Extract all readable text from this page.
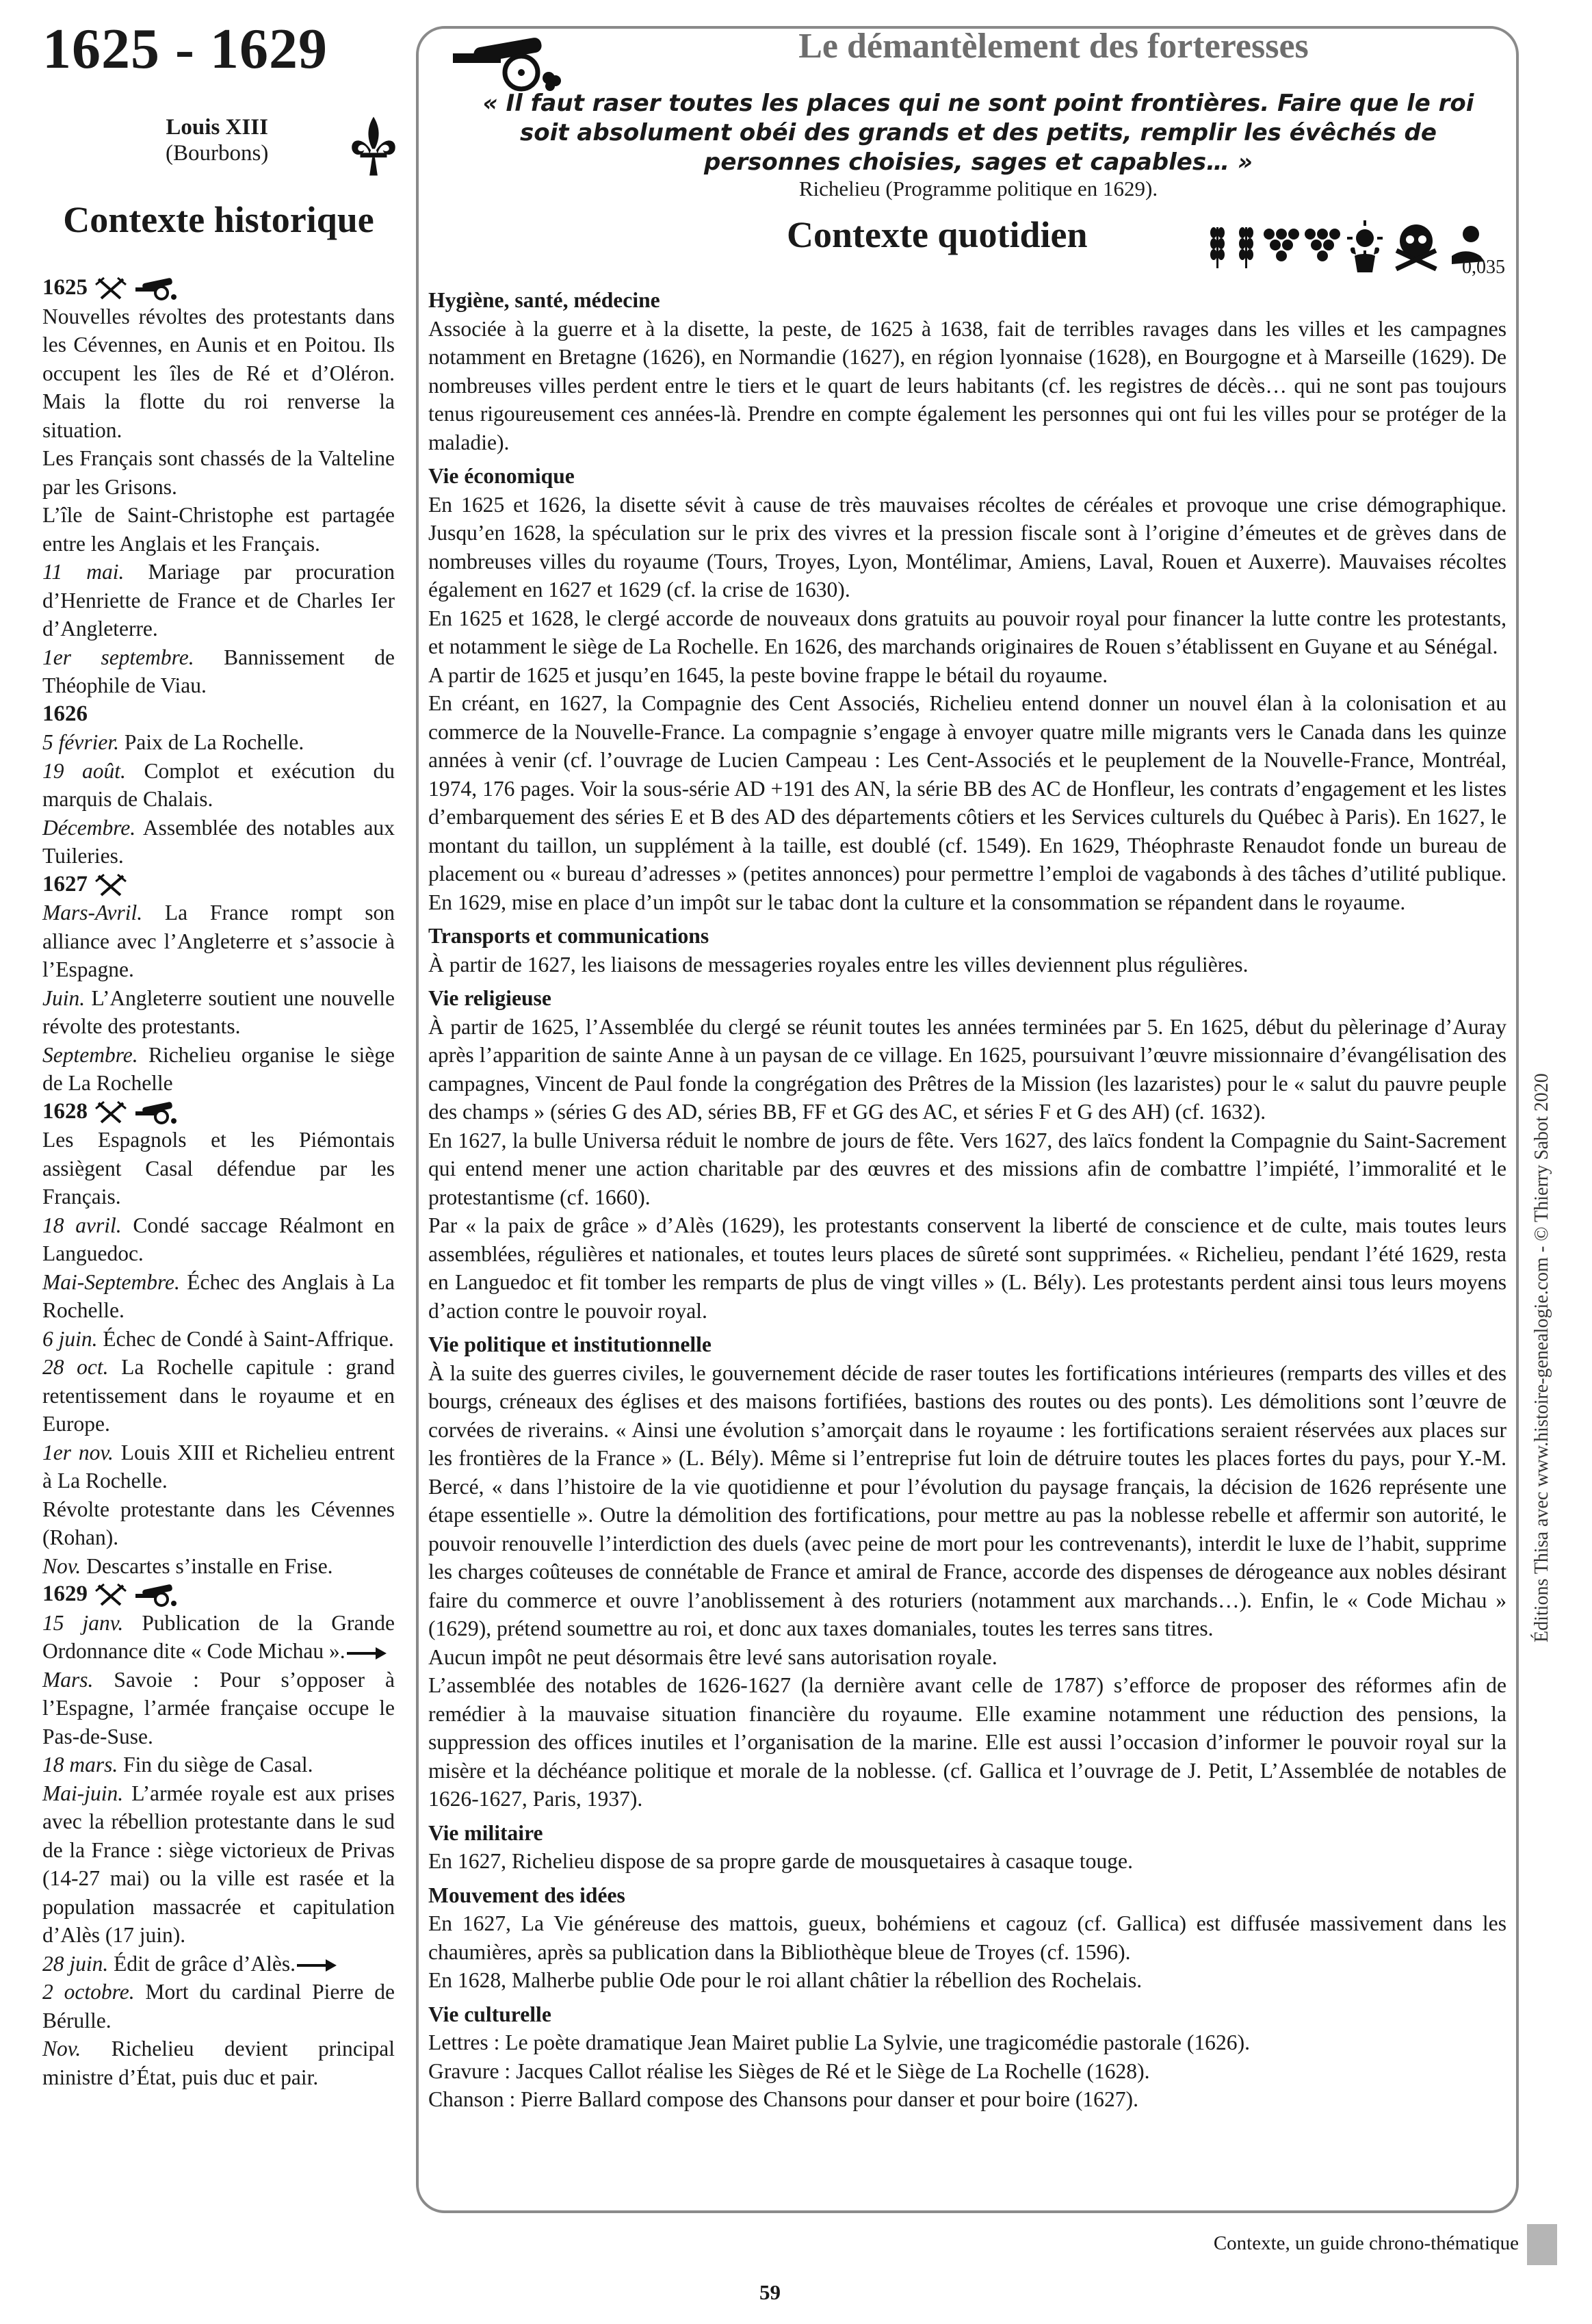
1625 - 1629
Louis XIII
(Bourbons)
Contexte historique
1625
Nouvelles révoltes des protestants dans les Cévennes, en Aunis et en Poitou. Ils occupent les îles de Ré et d’Oléron. Mais la flotte du roi renverse la situation.
Les Français sont chassés de la Valteline par les Grisons.
L’île de Saint-Christophe est partagée entre les Anglais et les Français.
11 mai. Mariage par procuration d’Henriette de France et de Charles Ier d’Angleterre.
1er septembre. Bannissement de Théophile de Viau.
1626
5 février. Paix de La Rochelle.
19 août. Complot et exécution du marquis de Chalais.
Décembre. Assemblée des notables aux Tuileries.
1627
Mars-Avril. La France rompt son alliance avec l’Angleterre et s’associe à l’Espagne.
Juin. L’Angleterre soutient une nouvelle révolte des protestants.
Septembre. Richelieu organise le siège de La Rochelle
1628
Les Espagnols et les Piémontais assiègent Casal défendue par les Français.
18 avril. Condé saccage Réalmont en Languedoc.
Mai-Septembre. Échec des Anglais à La Rochelle.
6 juin. Échec de Condé à Saint-Affrique.
28 oct. La Rochelle capitule : grand retentissement dans le royaume et en Europe.
1er nov. Louis XIII et Richelieu entrent à La Rochelle.
Révolte protestante dans les Cévennes (Rohan).
Nov. Descartes s’installe en Frise.
1629
15 janv. Publication de la Grande Ordonnance dite « Code Michau ».
Mars. Savoie : Pour s’opposer à l’Espagne, l’armée française occupe le Pas-de-Suse.
18 mars. Fin du siège de Casal.
Mai-juin. L’armée royale est aux prises avec la rébellion protestante dans le sud de la France : siège victorieux de Privas (14-27 mai) ou la ville est rasée et la population massacrée et capitulation d’Alès (17 juin).
28 juin. Édit de grâce d’Alès.
2 octobre. Mort du cardinal Pierre de Bérulle.
Nov. Richelieu devient principal ministre d’État, puis duc et pair.
Le démantèlement des forteresses
« Il faut raser toutes les places qui ne sont point frontières. Faire que le roi soit absolument obéi des grands et des petits, remplir les évêchés de personnes choisies, sages et capables… »
Richelieu (Programme politique en 1629).
Contexte quotidien
0,035
Hygiène, santé, médecine

Associée à la guerre et à la disette, la peste, de 1625 à 1638, fait de terribles ravages dans les villes et les campagnes notamment en Bretagne (1626), en Normandie (1627), en région lyonnaise (1628), en Bourgogne et à Marseille (1629). De nombreuses villes perdent entre le tiers et le quart de leurs habitants (cf. les registres de décès… qui ne sont pas toujours tenus rigoureusement ces années-là. Prendre en compte également les personnes qui ont fui les villes pour se protéger de la maladie).

Vie économique

En 1625 et 1626, la disette sévit à cause de très mauvaises récoltes de céréales et provoque une crise démographique. Jusqu’en 1628, la spéculation sur le prix des vivres et la pression fiscale sont à l’origine d’émeutes et de grèves dans de nombreuses villes du royaume (Tours, Troyes, Lyon, Montélimar, Amiens, Laval, Rouen et Auxerre). Mauvaises récoltes également en 1627 et 1629 (cf. la crise de 1630).

En 1625 et 1628, le clergé accorde de nouveaux dons gratuits au pouvoir royal pour financer la lutte contre les protestants, et notamment le siège de La Rochelle. En 1626, des marchands originaires de Rouen s’établissent en Guyane et au Sénégal.

A partir de 1625 et jusqu’en 1645, la peste bovine frappe le bétail du royaume.

En créant, en 1627, la Compagnie des Cent Associés, Richelieu entend donner un nouvel élan à la colonisation et au commerce de la Nouvelle-France. La compagnie s’engage à envoyer quatre mille migrants vers le Canada dans les quinze années à venir (cf. l’ouvrage de Lucien Campeau : Les Cent-Associés et le peuplement de la Nouvelle-France, Montréal, 1974, 176 pages. Voir la sous-série AD +191 des AN, la série BB des AC de Honfleur, les contrats d’engagement et les listes d’embarquement des séries E et B des AD des départements côtiers et les Services culturels du Québec à Paris). En 1627, le montant du taillon, un supplément à la taille, est doublé (cf. 1549). En 1629, Théophraste Renaudot fonde un bureau de placement ou « bureau d’adresses » (petites annonces) pour permettre l’emploi de vagabonds à des tâches d’utilité publique. En 1629, mise en place d’un impôt sur le tabac dont la culture et la consommation se répandent dans le royaume.

Transports et communications

À partir de 1627, les liaisons de messageries royales entre les villes deviennent plus régulières.

Vie religieuse

À partir de 1625, l’Assemblée du clergé se réunit toutes les années terminées par 5. En 1625, début du pèlerinage d’Auray après l’apparition de sainte Anne à un paysan de ce village. En 1625, poursuivant l’œuvre missionnaire d’évangélisation des campagnes, Vincent de Paul fonde la congrégation des Prêtres de la Mission (les lazaristes) pour le « salut du pauvre peuple des champs » (séries G des AD, séries BB, FF et GG des AC, et séries F et G des AH) (cf. 1632).

En 1627, la bulle Universa réduit le nombre de jours de fête. Vers 1627, des laïcs fondent la Compagnie du Saint-Sacrement qui entend mener une action charitable par des œuvres et des missions afin de combattre l’impiété, l’immoralité et le protestantisme (cf. 1660).

Par « la paix de grâce » d’Alès (1629), les protestants conservent la liberté de conscience et de culte, mais toutes leurs assemblées, régulières et nationales, et toutes leurs places de sûreté sont supprimées. « Richelieu, pendant l’été 1629, resta en Languedoc et fit tomber les remparts de plus de vingt villes » (L. Bély). Les protestants perdent ainsi tous leurs moyens d’action contre le pouvoir royal.

Vie politique et institutionnelle

À la suite des guerres civiles, le gouvernement décide de raser toutes les fortifications intérieures (remparts des villes et des bourgs, créneaux des églises et des maisons fortifiées, bastions des routes ou des ponts). Les démolitions sont l’œuvre de corvées de riverains. « Ainsi une évolution s’amorçait dans le royaume : les fortifications seraient réservées aux places sur les frontières de la France » (L. Bély). Même si l’entreprise fut loin de détruire toutes les places fortes du pays, pour Y.-M. Bercé, « dans l’histoire de la vie quotidienne et pour l’évolution du paysage français, la décision de 1626 représente une étape essentielle ». Outre la démolition des fortifications, pour mettre au pas la noblesse rebelle et affermir son autorité, le pouvoir renouvelle l’interdiction des duels (avec peine de mort pour les contrevenants), interdit le luxe de l’habit, supprime les charges coûteuses de connétable de France et amiral de France, accorde des dispenses de dérogeance aux nobles désirant faire du commerce et ouvre l’anoblissement à des roturiers (notamment aux marchands…). Enfin, le « Code Michau » (1629), prétend soumettre au roi, et donc aux taxes domaniales, toutes les terres sans titres.

Aucun impôt ne peut désormais être levé sans autorisation royale.

L’assemblée des notables de 1626-1627 (la dernière avant celle de 1787) s’efforce de proposer des réformes afin de remédier à la mauvaise situation financière du royaume. Elle examine notamment une réduction des pensions, la suppression des offices inutiles et l’organisation de la marine. Elle est aussi l’occasion d’informer le pouvoir royal sur la misère et la déchéance politique et morale de la noblesse. (cf. Gallica et l’ouvrage de J. Petit, L’Assemblée de notables de 1626-1627, Paris, 1937).

Vie militaire

En 1627, Richelieu dispose de sa propre garde de mousquetaires à casaque touge.

Mouvement des idées

En 1627, La Vie généreuse des mattois, gueux, bohémiens et cagouz (cf. Gallica) est diffusée massivement dans les chaumières, après sa publication dans la Bibliothèque bleue de Troyes (cf. 1596).

En 1628, Malherbe publie Ode pour le roi allant châtier la rébellion des Rochelais.

Vie culturelle

Lettres : Le poète dramatique Jean Mairet publie La Sylvie, une tragicomédie pastorale (1626).

Gravure : Jacques Callot réalise les Sièges de Ré et le Siège de La Rochelle (1628).

Chanson : Pierre Ballard compose des Chansons pour danser et pour boire (1627).

Éditions Thisa avec www.histoire-genealogie.com - © Thierry Sabot 2020
Contexte, un guide chrono-thématique
59
